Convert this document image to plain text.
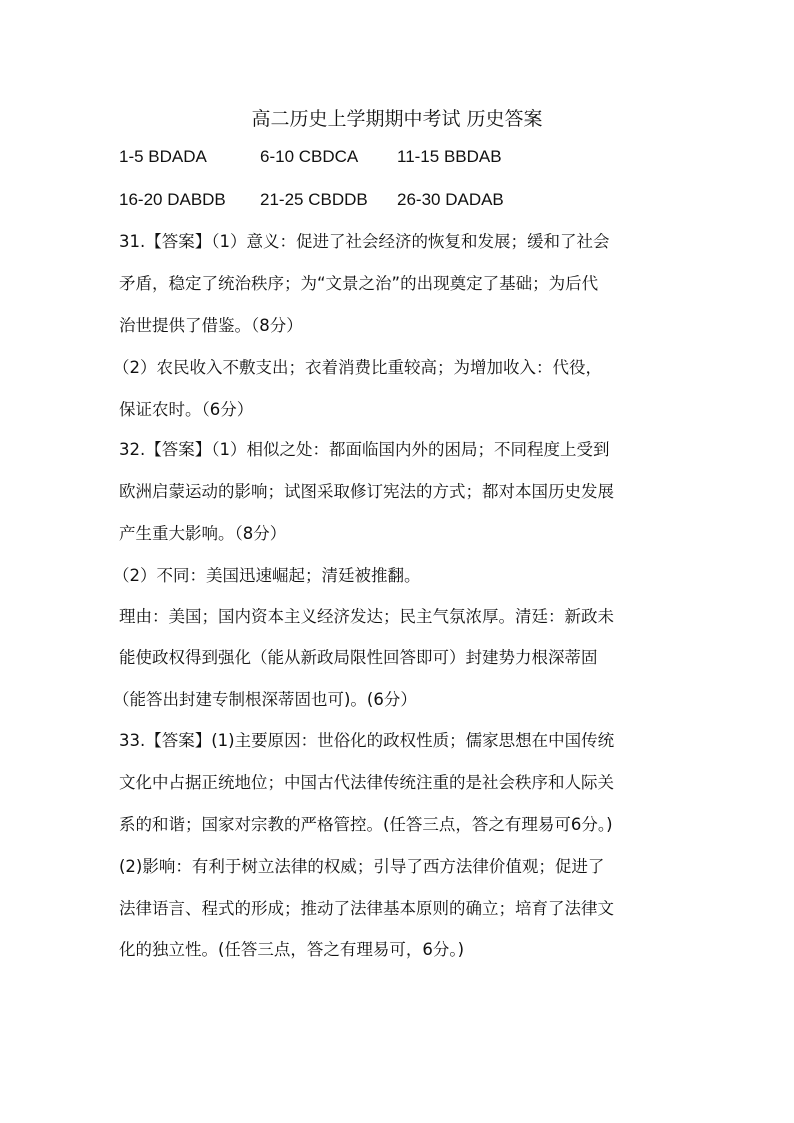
高二历史上学期期中考试 历史答案
1-5 BDADA	6-10 CBDCA 11-15 BBDAB
16-20 DABDB 21-25 CBDDB 26-30 DADAB
31.【答案】（1）意义：促进了社会经济的恢复和发展；缓和了社会
矛盾，稳定了统治秩序；为“文景之治”的出现奠定了基础；为后代
治世提供了借鉴。（8分）
（2）农民收入不敷支出；衣着消费比重较高；为增加收入：代役，
保证农时。（6分）
32.【答案】（1）相似之处：都面临国内外的困局；不同程度上受到
欧洲启蒙运动的影响；试图采取修订宪法的方式；都对本国历史发展
产生重大影响。（8分）
（2）不同：美国迅速崛起；清廷被推翻。
理由：美国；国内资本主义经济发达；民主气氛浓厚。清廷：新政未
能使政权得到强化（能从新政局限性回答即可）封建势力根深蒂固
（能答出封建专制根深蒂固也可)。(6分）
33.【答案】(1)主要原因：世俗化的政权性质；儒家思想在中国传统
文化中占据正统地位；中国古代法律传统注重的是社会秩序和人际关
系的和谐；国家对宗教的严格管控。(任答三点，答之有理易可6分。)
(2)影响：有利于树立法律的权威；引导了西方法律价值观；促进了
法律语言、程式的形成；推动了法律基本原则的确立；培育了法律文
化的独立性。(任答三点，答之有理易可，6分。)
